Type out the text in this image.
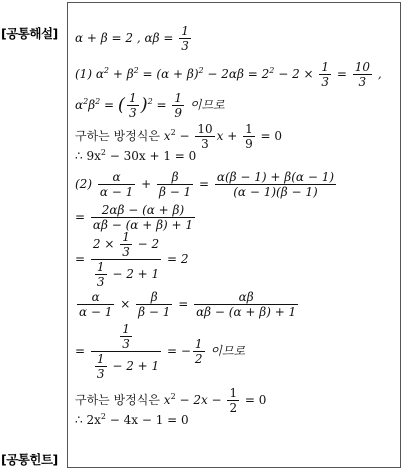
[공통해설]
[공통힌트]
α + β = 2 , $\alpha\beta = \frac{1}{3}$
(1) $\alpha^2 + \beta^2 = (\alpha + \beta)^2 - 2\alpha\beta = 2^2 - 2 \times \frac{1}{3} = \frac{10}{3}$ ,
$\alpha^2\beta^2$ = ( $\frac{1}{3} )^2 = \frac{1}{9}$ 이므로
구하는 방정식은 $x^2 - \frac{10}{3}$ $x + \frac{1}{9} = 0$
∴ $9x^2 - 30x + 1 = 0$
$(2) \frac{\alpha}{\alpha - 1} + \frac{\beta}{\beta - 1} = \frac{\alpha(\beta - 1) + \beta(\alpha - 1)}{(\alpha - 1)(\beta - 1)}$
= $\frac{2\alpha\beta - (\alpha + \beta)}{\alpha\beta - (\alpha + \beta) + 1}$
= $\frac{2 \times \frac{1}{3} - 2}{\frac{1}{3} - 2 + 1} = 2$
$\frac{\alpha}{\alpha - 1} \times \frac{\beta}{\beta - 1} = \frac{\alpha\beta}{\alpha\beta - (\alpha + \beta) + 1}$
= $\frac{\frac{1}{3}}{\frac{1}{3} - 2 + 1}$ = − $\frac{1}{2}$ 이므로
구하는 방정식은 $x^2 - 2x - \frac{1}{2} = 0$
∴ $2x^2 - 4x - 1 = 0$
